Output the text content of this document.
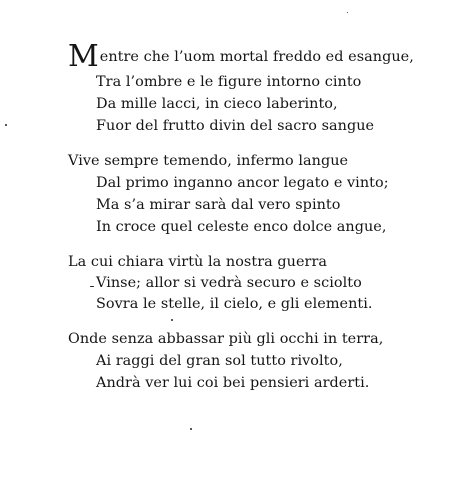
Mentre che l’uom mortal freddo ed esangue,
Tra l’ombre e le figure intorno cinto
Da mille lacci, in cieco laberinto,
Fuor del frutto divin del sacro sangue
Vive sempre temendo, infermo langue
Dal primo inganno ancor legato e vinto;
Ma s’a mirar sarà dal vero spinto
In croce quel celeste enco dolce angue,
La cui chiara virtù la nostra guerra
Vinse; allor si vedrà securo e sciolto
Sovra le stelle, il cielo, e gli elementi.
Onde senza abbassar più gli occhi in terra,
Ai raggi del gran sol tutto rivolto,
Andrà ver lui coi bei pensieri arderti.
